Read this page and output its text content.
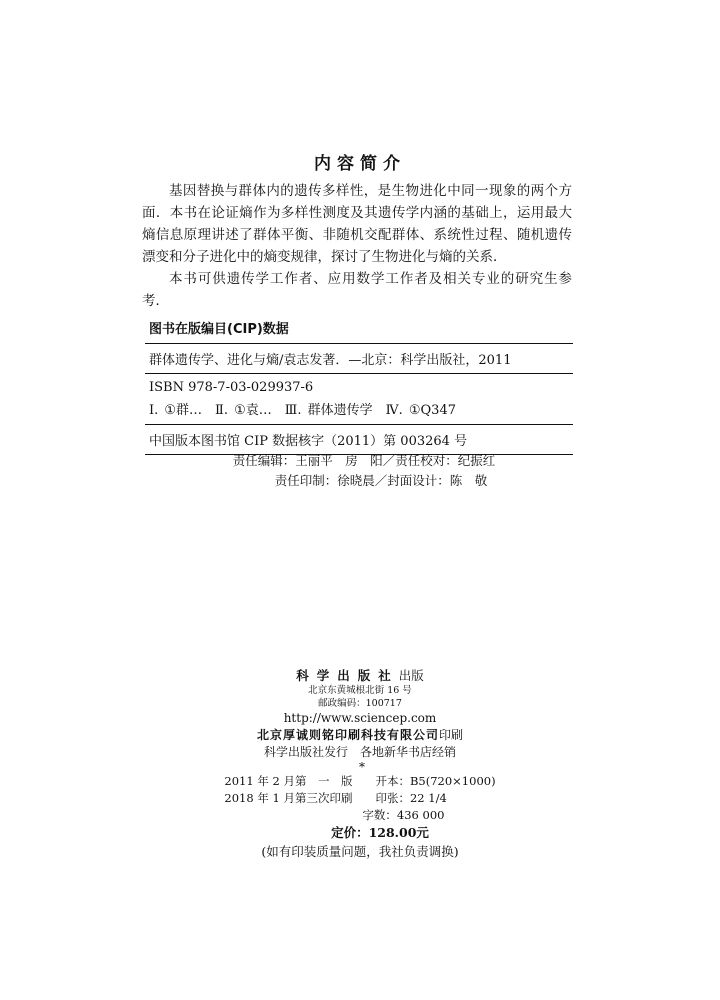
内容简介

基因替换与群体内的遗传多样性，是生物进化中同一现象的两个方面．本书在论证熵作为多样性测度及其遗传学内涵的基础上，运用最大熵信息原理讲述了群体平衡、非随机交配群体、系统性过程、随机遗传漂变和分子进化中的熵变规律，探讨了生物进化与熵的关系．

本书可供遗传学工作者、应用数学工作者及相关专业的研究生参考．

图书在版编目(CIP)数据
群体遗传学、进化与熵/袁志发著．—北京：科学出版社，2011
ISBN 978-7-03-029937-6
Ⅰ. ①群…　Ⅱ. ①袁…　Ⅲ. 群体遗传学　Ⅳ. ①Q347
中国版本图书馆 CIP 数据核字（2011）第 003264 号
责任编辑：王丽平　房　阳／责任校对：纪振红
责任印制：徐晓晨／封面设计：陈　敬
科学出版社出版
北京东黄城根北街 16 号
邮政编码：100717
http://www.sciencep.com
北京厚诚则铭印刷科技有限公司印刷
科学出版社发行　各地新华书店经销
*
2011 年 2 月第　一　版　　开本：B5(720×1000)
2018 年 1 月第三次印刷　　印张：22 1/4
　　　　　　　　　　　　字数：436 000
定价：128.00元
(如有印装质量问题，我社负责调换)
